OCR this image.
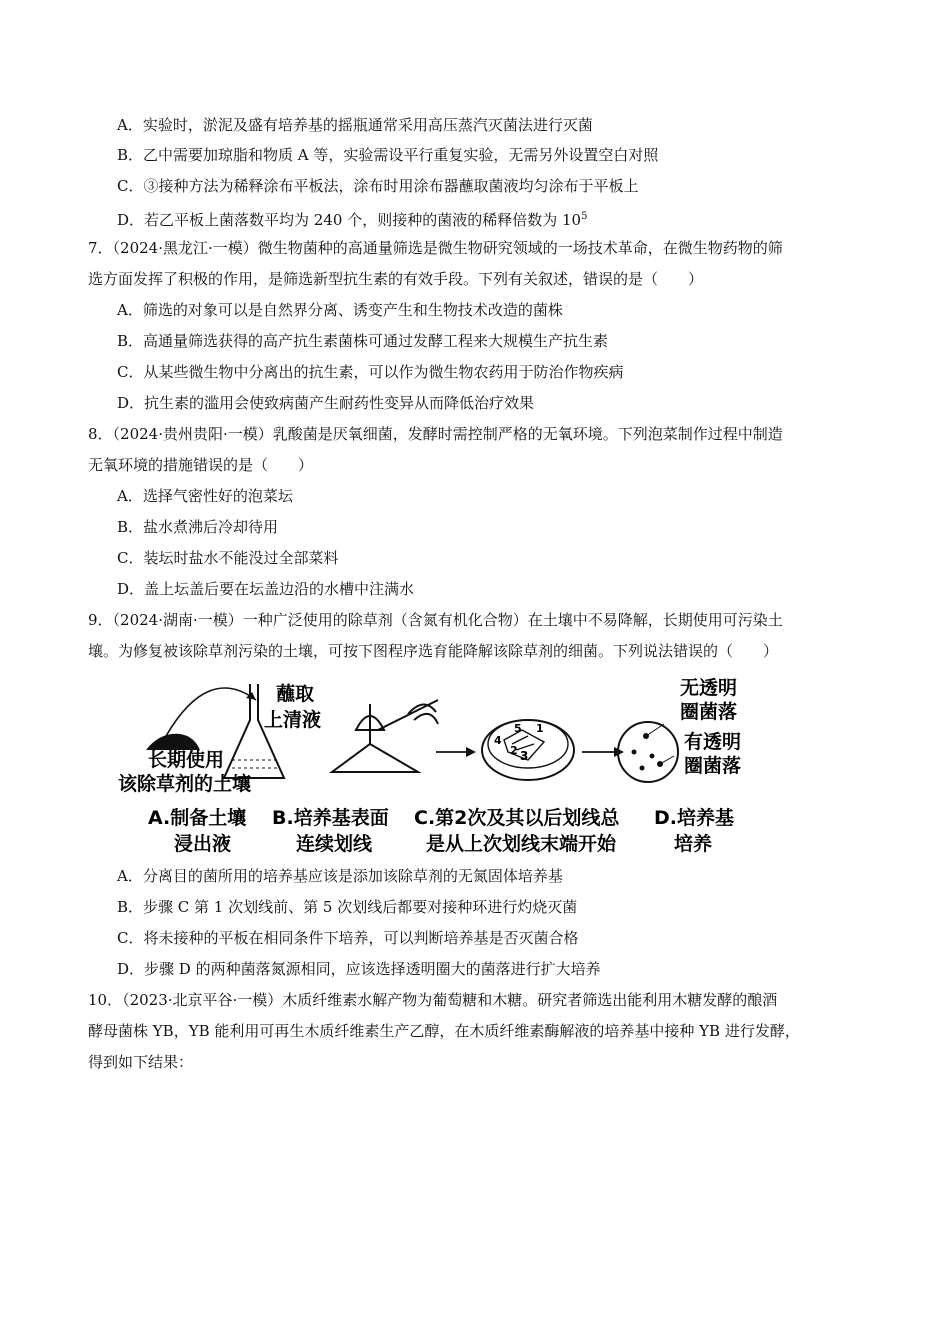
A．实验时，淤泥及盛有培养基的摇瓶通常采用高压蒸汽灭菌法进行灭菌
B．乙中需要加琼脂和物质 A 等，实验需设平行重复实验，无需另外设置空白对照
C．③接种方法为稀释涂布平板法，涂布时用涂布器蘸取菌液均匀涂布于平板上
D．若乙平板上菌落数平均为 240 个，则接种的菌液的稀释倍数为 $10^5$
7．（2024·黑龙江·一模）微生物菌种的高通量筛选是微生物研究领域的一场技术革命，在微生物药物的筛
选方面发挥了积极的作用，是筛选新型抗生素的有效手段。下列有关叙述，错误的是（　　）
A．筛选的对象可以是自然界分离、诱变产生和生物技术改造的菌株
B．高通量筛选获得的高产抗生素菌株可通过发酵工程来大规模生产抗生素
C．从某些微生物中分离出的抗生素，可以作为微生物农药用于防治作物疾病
D．抗生素的滥用会使致病菌产生耐药性变异从而降低治疗效果
8．（2024·贵州贵阳·一模）乳酸菌是厌氧细菌，发酵时需控制严格的无氧环境。下列泡菜制作过程中制造
无氧环境的措施错误的是（　　）
A．选择气密性好的泡菜坛
B．盐水煮沸后冷却待用
C．装坛时盐水不能没过全部菜料
D．盖上坛盖后要在坛盖边沿的水槽中注满水
9．（2024·湖南·一模）一种广泛使用的除草剂（含氮有机化合物）在土壤中不易降解，长期使用可污染土
壤。为修复被该除草剂污染的土壤，可按下图程序选育能降解该除草剂的细菌。下列说法错误的（　　）
长期使用
该除草剂的土壤
蘸取
上清液	5 1
4
3
2
无透明
圈菌落
有透明
圈菌落
A.制备土壤
浸出液
B.培养基表面
连续划线
C.第2次及其以后划线总
是从上次划线末端开始
D.培养基
培养
A．分离目的菌所用的培养基应该是添加该除草剂的无氮固体培养基
B．步骤 C 第 1 次划线前、第 5 次划线后都要对接种环进行灼烧灭菌
C．将未接种的平板在相同条件下培养，可以判断培养基是否灭菌合格
D．步骤 D 的两种菌落氮源相同，应该选择透明圈大的菌落进行扩大培养
10．（2023·北京平谷·一模）木质纤维素水解产物为葡萄糖和木糖。研究者筛选出能利用木糖发酵的酿酒
酵母菌株 YB，YB 能利用可再生木质纤维素生产乙醇，在木质纤维素酶解液的培养基中接种 YB 进行发酵，
得到如下结果：
